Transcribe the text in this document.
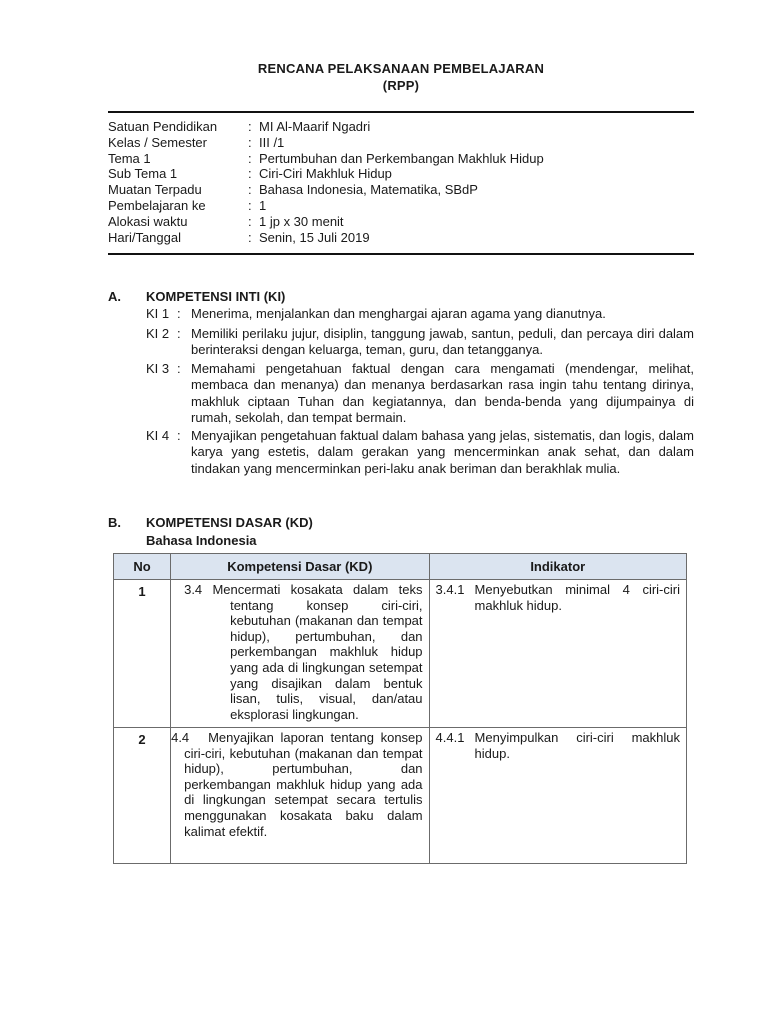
RENCANA PELAKSANAAN PEMBELAJARAN
(RPP)
Satuan Pendidikan	: MI Al-Maarif Ngadri
Kelas / Semester	: III /1
Tema 1	: Pertumbuhan dan Perkembangan Makhluk Hidup
Sub Tema 1	: Ciri-Ciri Makhluk Hidup
Muatan Terpadu	: Bahasa Indonesia, Matematika, SBdP
Pembelajaran ke	: 1
Alokasi waktu	: 1 jp x 30 menit
Hari/Tanggal	: Senin, 15 Juli 2019
A. KOMPETENSI INTI (KI)
KI 1 : Menerima, menjalankan dan menghargai ajaran agama yang dianutnya.
KI 2 : Memiliki perilaku jujur, disiplin, tanggung jawab, santun, peduli, dan percaya diri dalam berinteraksi dengan keluarga, teman, guru, dan tetangganya.
KI 3 : Memahami pengetahuan faktual dengan cara mengamati (mendengar, melihat, membaca dan menanya) dan menanya berdasarkan rasa ingin tahu tentang dirinya, makhluk ciptaan Tuhan dan kegiatannya, dan benda-benda yang dijumpainya di rumah, sekolah, dan tempat bermain.
KI 4 : Menyajikan pengetahuan faktual dalam bahasa yang jelas, sistematis, dan logis, dalam karya yang estetis, dalam gerakan yang mencerminkan anak sehat, dan dalam tindakan yang mencerminkan peri-laku anak beriman dan berakhlak mulia.
B. KOMPETENSI DASAR (KD)
Bahasa Indonesia
No	Kompetensi Dasar (KD)	Indikator
1	3.4 Mencermati kosakata dalam teks tentang konsep ciri-ciri, kebutuhan (makanan dan tempat hidup), pertumbuhan, dan perkembangan makhluk hidup yang ada di lingkungan setempat yang disajikan dalam bentuk lisan, tulis, visual, dan/atau eksplorasi lingkungan.	3.4.1 Menyebutkan minimal 4 ciri-ciri makhluk hidup.

2	4.4 Menyajikan laporan tentang konsep ciri-ciri, kebutuhan (makanan dan tempat hidup), pertumbuhan, dan perkembangan makhluk hidup yang ada di lingkungan setempat secara tertulis menggunakan kosakata baku dalam kalimat efektif.	4.4.1 Menyimpulkan ciri-ciri makhluk hidup.
